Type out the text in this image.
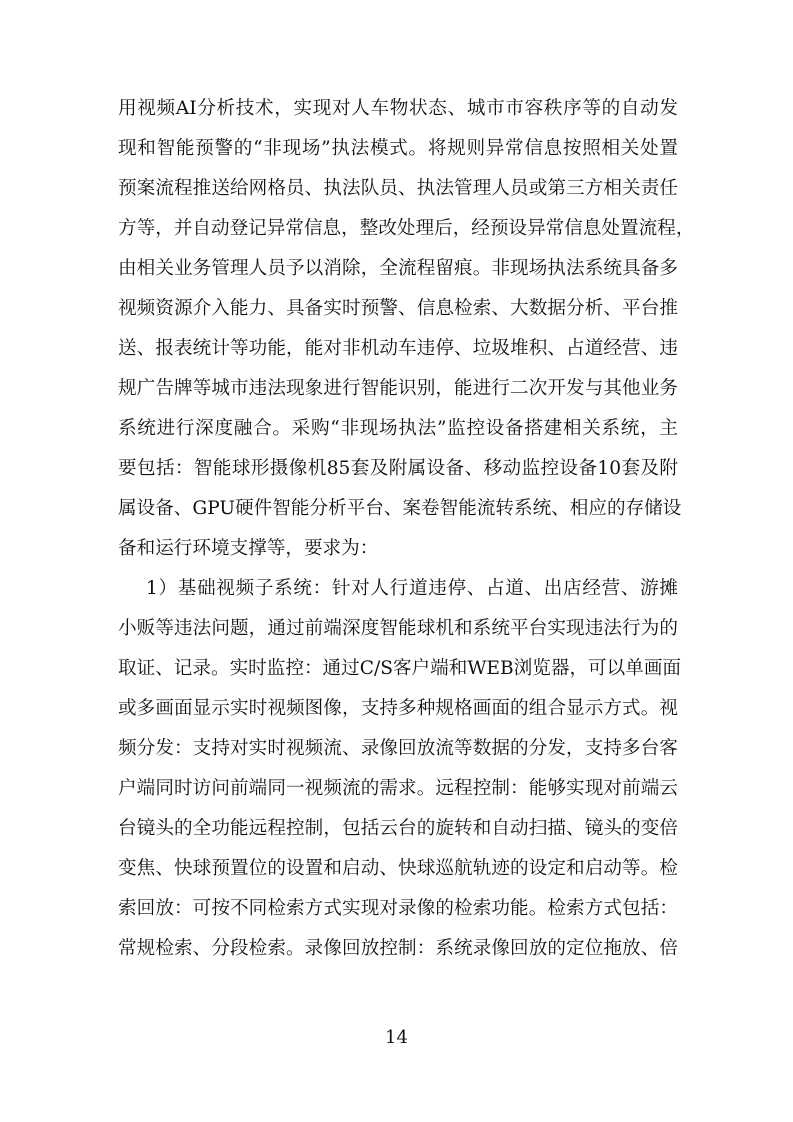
用视频AI分析技术，实现对人车物状态、城市市容秩序等的自动发
现和智能预警的“非现场”执法模式。将规则异常信息按照相关处置
预案流程推送给网格员、执法队员、执法管理人员或第三方相关责任
方等，并自动登记异常信息，整改处理后，经预设异常信息处置流程，
由相关业务管理人员予以消除，全流程留痕。非现场执法系统具备多
视频资源介入能力、具备实时预警、信息检索、大数据分析、平台推
送、报表统计等功能，能对非机动车违停、垃圾堆积、占道经营、违
规广告牌等城市违法现象进行智能识别，能进行二次开发与其他业务
系统进行深度融合。采购“非现场执法”监控设备搭建相关系统，主
要包括：智能球形摄像机85套及附属设备、移动监控设备10套及附
属设备、GPU硬件智能分析平台、案卷智能流转系统、相应的存储设
备和运行环境支撑等，要求为：
1）基础视频子系统：针对人行道违停、占道、出店经营、游摊
小贩等违法问题，通过前端深度智能球机和系统平台实现违法行为的
取证、记录。实时监控：通过C/S客户端和WEB浏览器，可以单画面
或多画面显示实时视频图像，支持多种规格画面的组合显示方式。视
频分发：支持对实时视频流、录像回放流等数据的分发，支持多台客
户端同时访问前端同一视频流的需求。远程控制：能够实现对前端云
台镜头的全功能远程控制，包括云台的旋转和自动扫描、镜头的变倍
变焦、快球预置位的设置和启动、快球巡航轨迹的设定和启动等。检
索回放：可按不同检索方式实现对录像的检索功能。检索方式包括：
常规检索、分段检索。录像回放控制：系统录像回放的定位拖放、倍
14
